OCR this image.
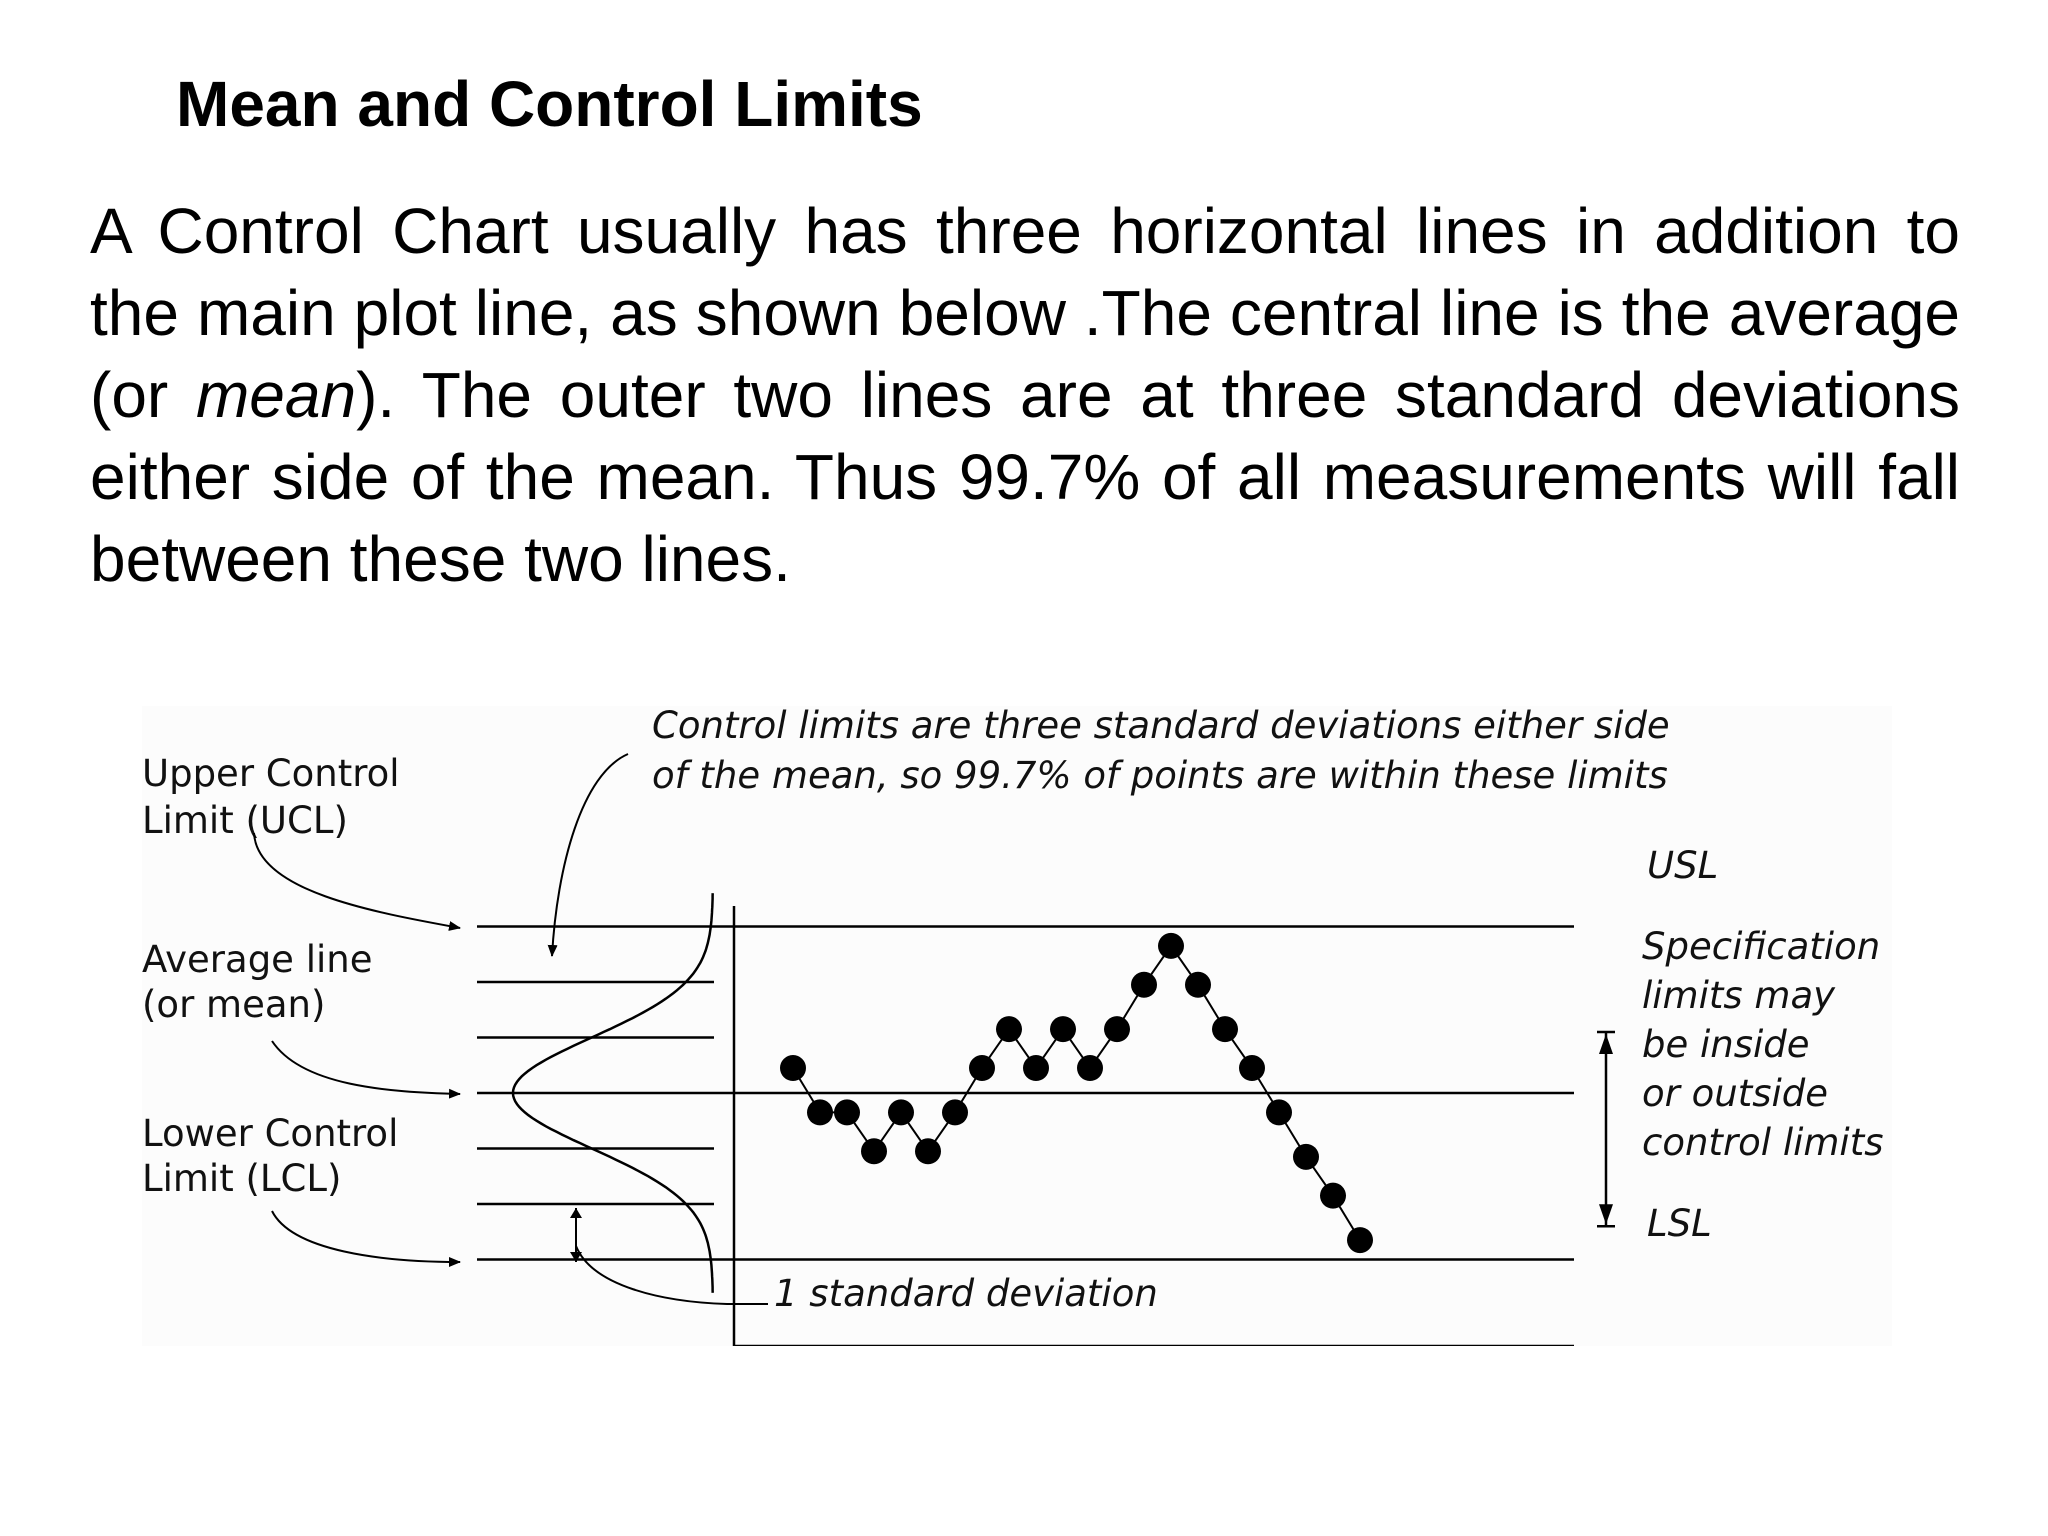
Mean and Control Limits

A Control Chart usually has three horizontal lines in addition to the main plot line, as shown below .The central line is the average (or mean). The outer two lines are at three standard deviations either side of the mean. Thus 99.7% of all measurements will fall between these two lines.

Upper Control
Limit (UCL)
Average line
(or mean)
Lower Control
Limit (LCL)
Control limits are three standard deviations either side
of the mean, so 99.7% of points are within these limits
USL
LSL
Specification
limits may
be inside
or outside
control limits
1 standard deviation
